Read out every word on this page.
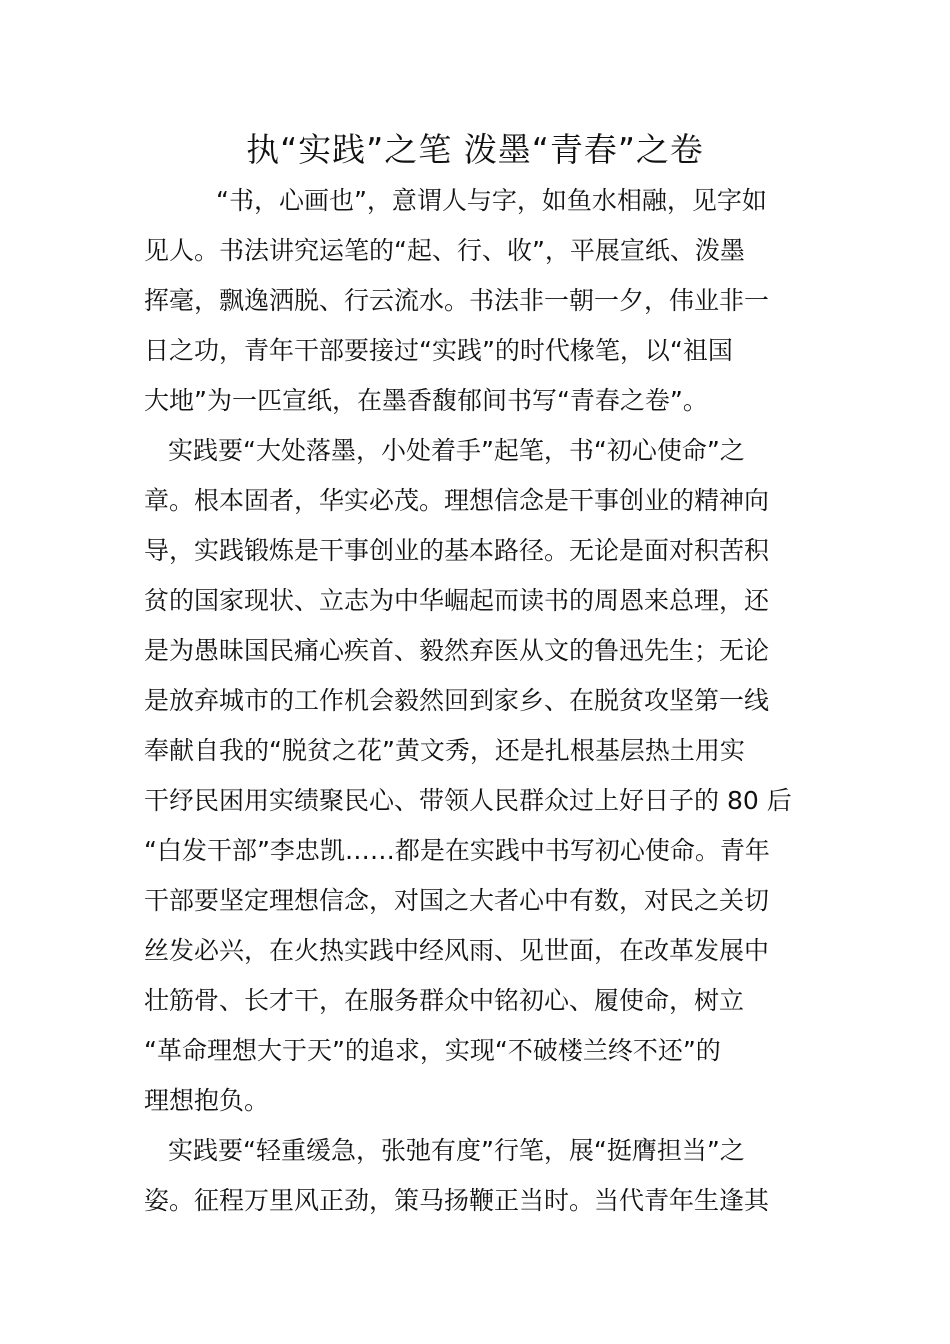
执“实践”之笔 泼墨“青春”之卷
“书，心画也”，意谓人与字，如鱼水相融，见字如
见人。书法讲究运笔的“起、行、收”，平展宣纸、泼墨
挥毫，飘逸洒脱、行云流水。书法非一朝一夕，伟业非一
日之功，青年干部要接过“实践”的时代椽笔，以“祖国
大地”为一匹宣纸，在墨香馥郁间书写“青春之卷”。
实践要“大处落墨，小处着手”起笔，书“初心使命”之
章。根本固者，华实必茂。理想信念是干事创业的精神向
导，实践锻炼是干事创业的基本路径。无论是面对积苦积
贫的国家现状、立志为中华崛起而读书的周恩来总理，还
是为愚昧国民痛心疾首、毅然弃医从文的鲁迅先生；无论
是放弃城市的工作机会毅然回到家乡、在脱贫攻坚第一线
奉献自我的“脱贫之花”黄文秀，还是扎根基层热土用实
干纾民困用实绩聚民心、带领人民群众过上好日子的 80 后
“白发干部”李忠凯……都是在实践中书写初心使命。青年
干部要坚定理想信念，对国之大者心中有数，对民之关切
丝发必兴，在火热实践中经风雨、见世面，在改革发展中
壮筋骨、长才干，在服务群众中铭初心、履使命，树立
“革命理想大于天”的追求，实现“不破楼兰终不还”的
理想抱负。
实践要“轻重缓急，张弛有度”行笔，展“挺膺担当”之
姿。征程万里风正劲，策马扬鞭正当时。当代青年生逢其
